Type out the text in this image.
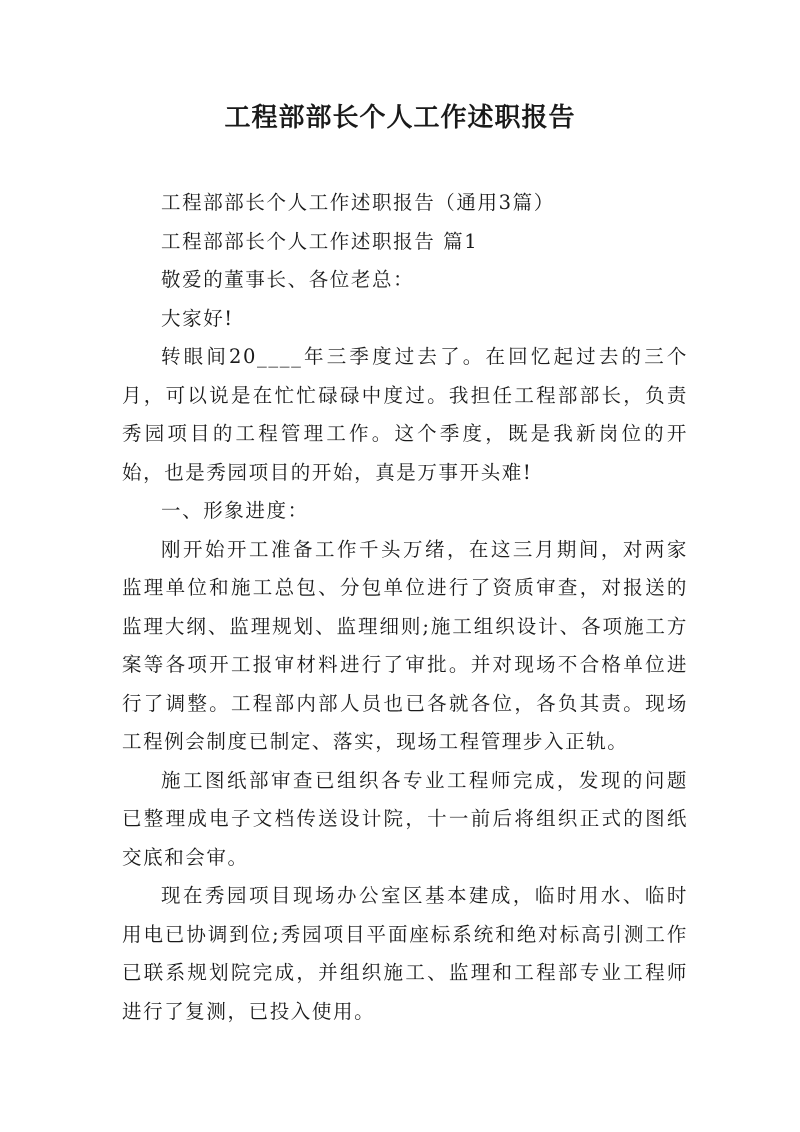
工程部部长个人工作述职报告

工程部部长个人工作述职报告（通用3篇）

工程部部长个人工作述职报告 篇1

敬爱的董事长、各位老总：

大家好!

转眼间20____年三季度过去了。在回忆起过去的三个月，可以说是在忙忙碌碌中度过。我担任工程部部长，负责秀园项目的工程管理工作。这个季度，既是我新岗位的开始，也是秀园项目的开始，真是万事开头难!

一、形象进度：

刚开始开工准备工作千头万绪，在这三月期间，对两家监理单位和施工总包、分包单位进行了资质审查，对报送的监理大纲、监理规划、监理细则;施工组织设计、各项施工方案等各项开工报审材料进行了审批。并对现场不合格单位进行了调整。工程部内部人员也已各就各位，各负其责。现场工程例会制度已制定、落实，现场工程管理步入正轨。

施工图纸部审查已组织各专业工程师完成，发现的问题已整理成电子文档传送设计院，十一前后将组织正式的图纸交底和会审。

现在秀园项目现场办公室区基本建成，临时用水、临时用电已协调到位;秀园项目平面座标系统和绝对标高引测工作已联系规划院完成，并组织施工、监理和工程部专业工程师进行了复测，已投入使用。
